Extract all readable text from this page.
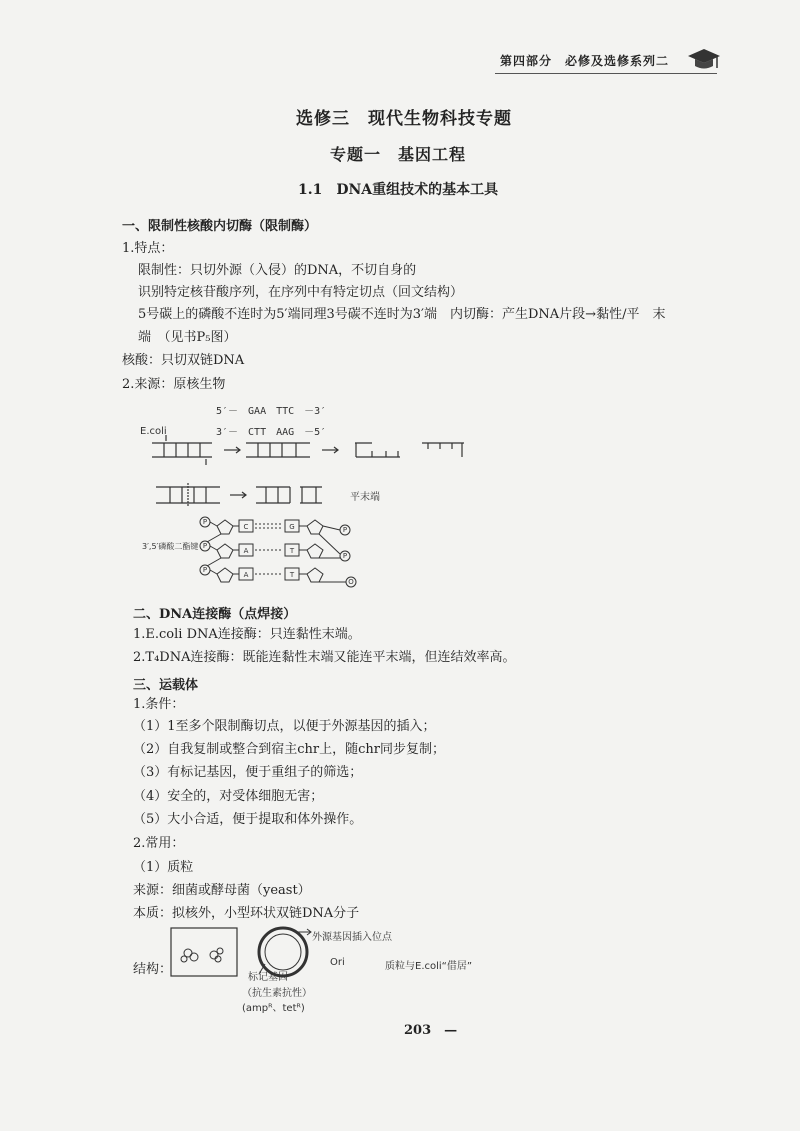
第四部分　必修及选修系列二
选修三　现代生物科技专题
专题一　基因工程
1.1　DNA重组技术的基本工具
一、限制性核酸内切酶（限制酶）
1.特点：
限制性：只切外源（入侵）的DNA，不切自身的
识别特定核苷酸序列，在序列中有特定切点（回文结构）
5号碳上的磷酸不连时为5′端同理3号碳不连时为3′端　内切酶：产生DNA片段→黏性/平　末
端　（见书P₅图）
核酸：只切双链DNA
2.来源：原核生物
5′－　GAA　TTC　－3′
3′－　CTT　AAG　－5′
E.coli
平末端
3′,5′磷酸二酯键
P
P
P
C
A
A
G
T
T
P
P
O
二、DNA连接酶（点焊接）
1.E.coli DNA连接酶：只连黏性末端。
2.T₄DNA连接酶：既能连黏性末端又能连平末端，但连结效率高。
三、运载体
1.条件：
（1）1至多个限制酶切点，以便于外源基因的插入；
（2）自我复制或整合到宿主chr上，随chr同步复制；
（3）有标记基因，便于重组子的筛选；
（4）安全的，对受体细胞无害；
（5）大小合适，便于提取和体外操作。
2.常用：
（1）质粒
来源：细菌或酵母菌（yeast）
本质：拟核外，小型环状双链DNA分子
结构：
外源基因插入位点
Ori
标记基因
（抗生素抗性）
(ampᴿ、tetᴿ)
质粒与E.coli“借居”
203　—
